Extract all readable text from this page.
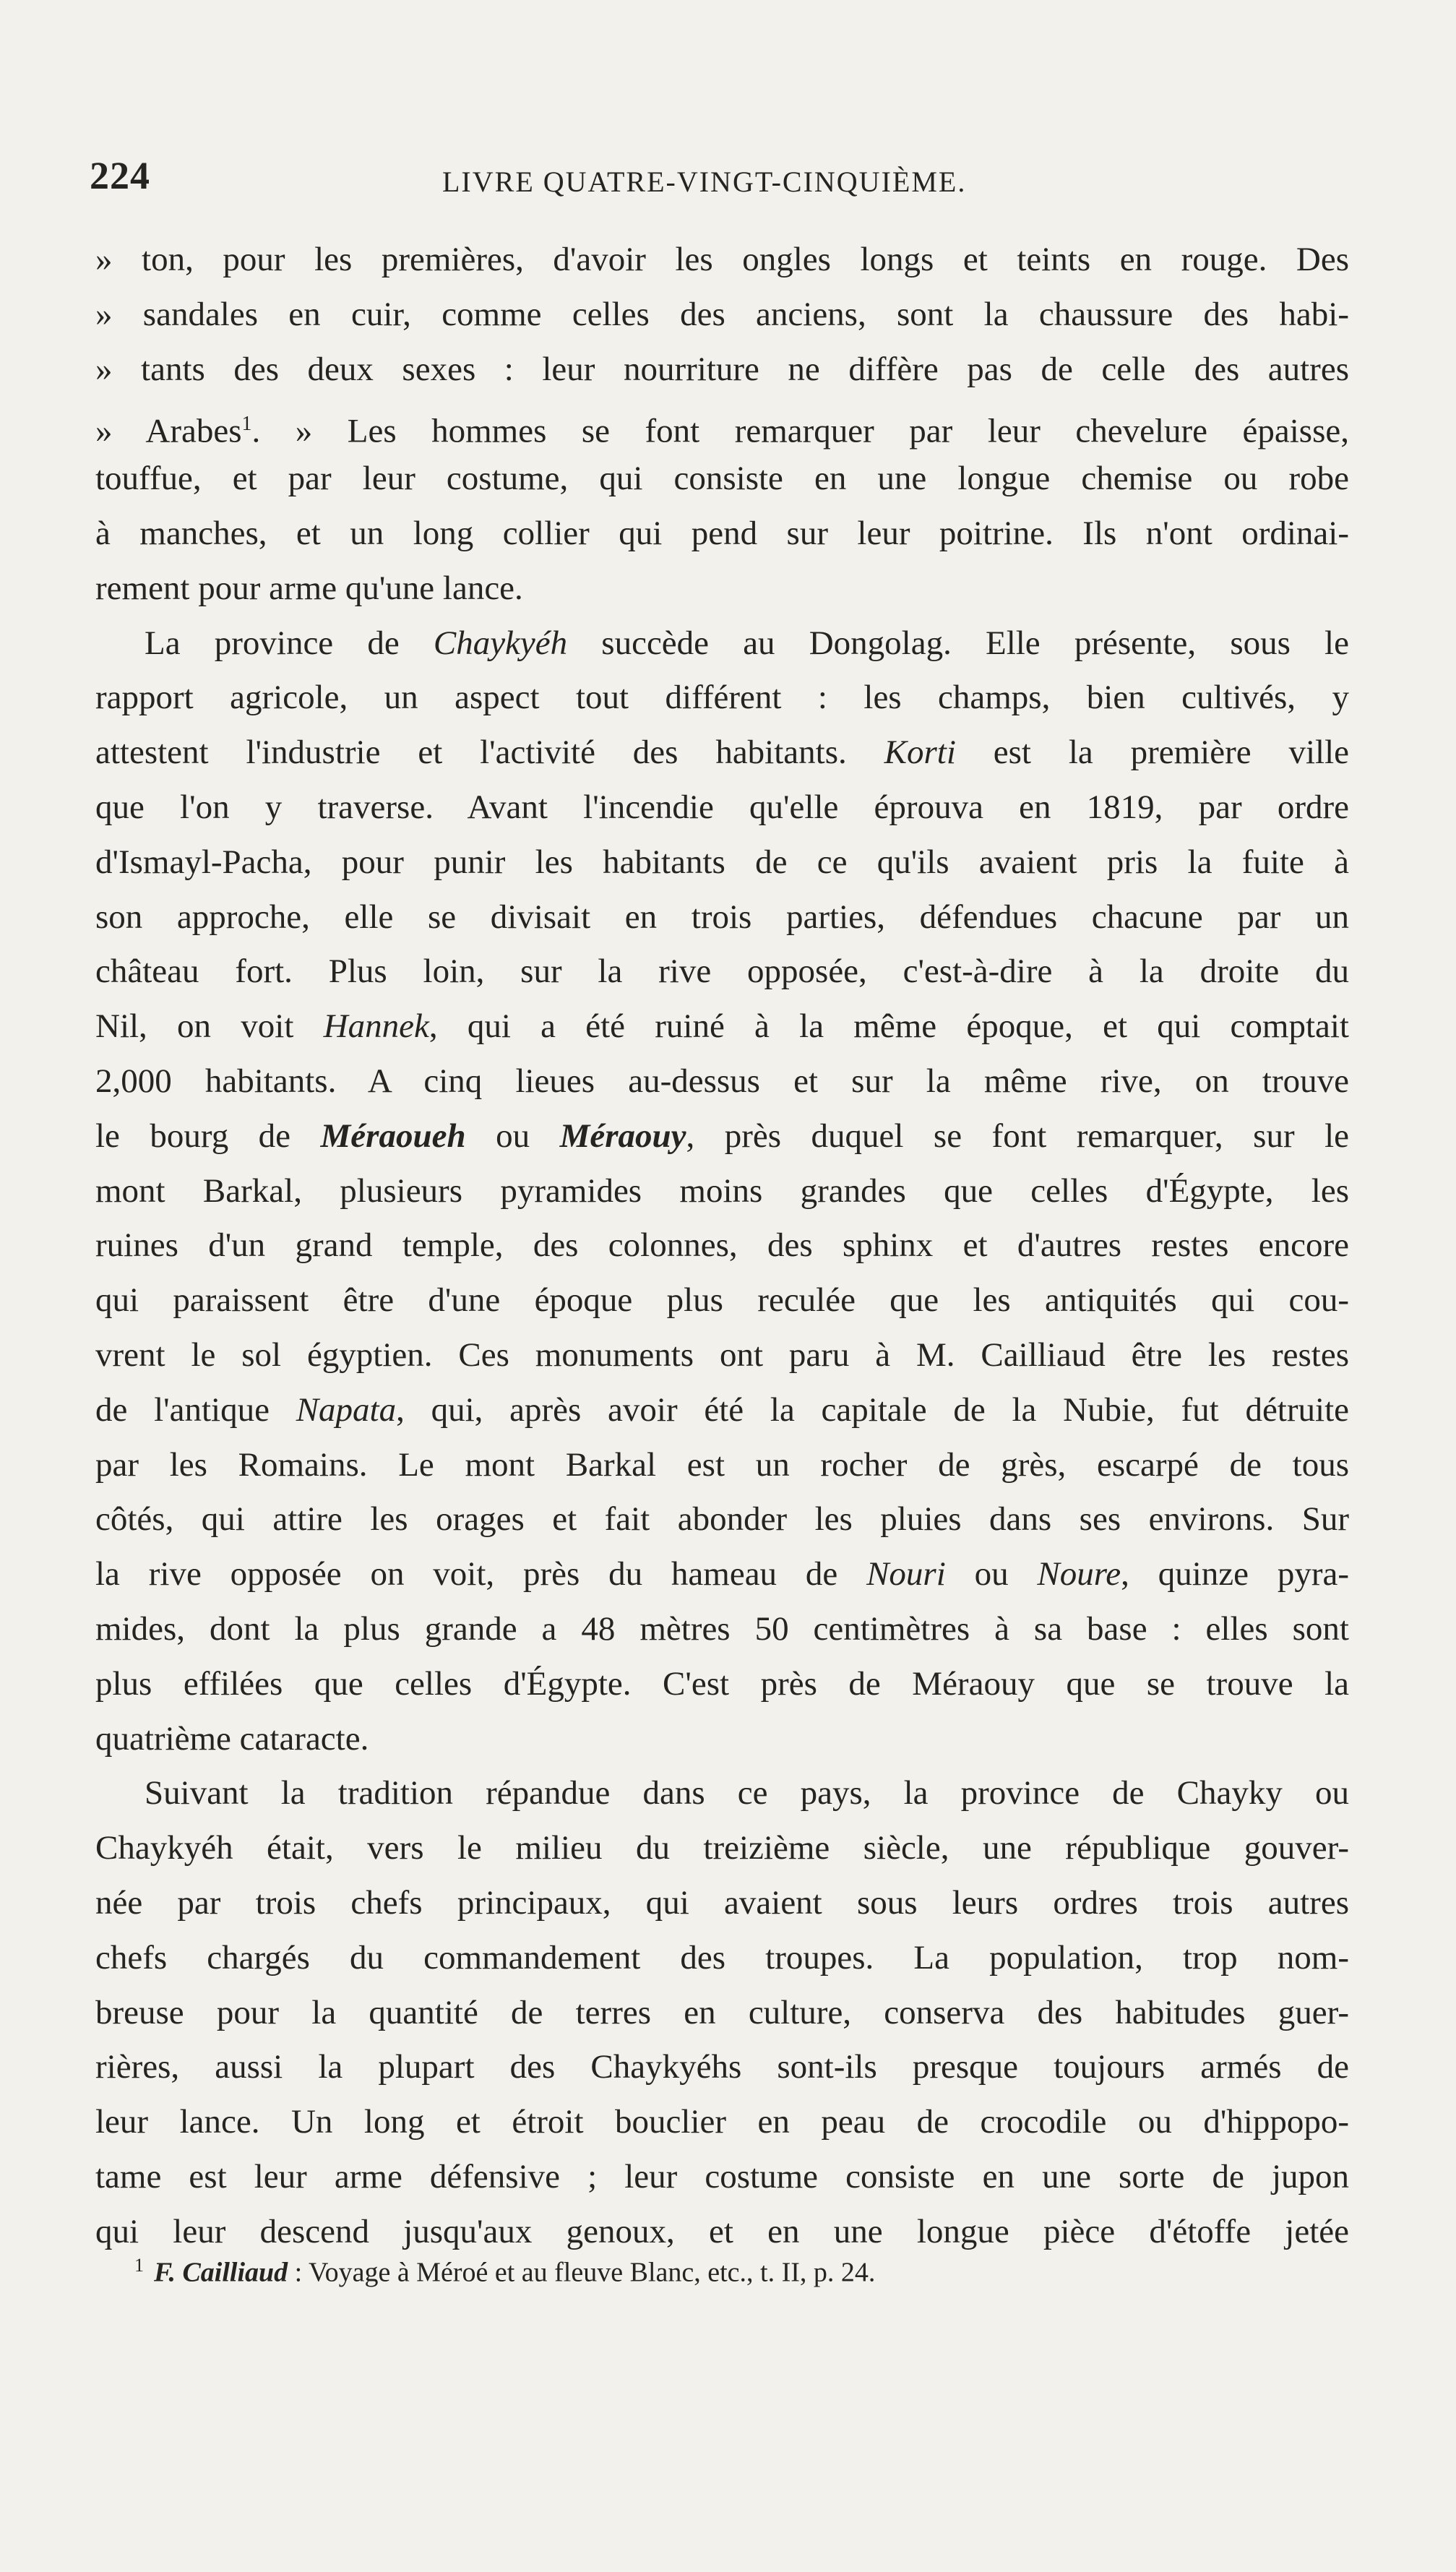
224	LIVRE QUATRE-VINGT-CINQUIÈME.
» ton, pour les premières, d'avoir les ongles longs et teints en rouge. Des
» sandales en cuir, comme celles des anciens, sont la chaussure des habi-
» tants des deux sexes : leur nourriture ne diffère pas de celle des autres
» Arabes$^1$. » Les hommes se font remarquer par leur chevelure épaisse,
touffue, et par leur costume, qui consiste en une longue chemise ou robe
à manches, et un long collier qui pend sur leur poitrine. Ils n'ont ordinai-
rement pour arme qu'une lance.
La province de Chaykyéh succède au Dongolag. Elle présente, sous le
rapport agricole, un aspect tout différent : les champs, bien cultivés, y
attestent l'industrie et l'activité des habitants. Korti est la première ville
que l'on y traverse. Avant l'incendie qu'elle éprouva en 1819, par ordre
d'Ismayl-Pacha, pour punir les habitants de ce qu'ils avaient pris la fuite à
son approche, elle se divisait en trois parties, défendues chacune par un
château fort. Plus loin, sur la rive opposée, c'est-à-dire à la droite du
Nil, on voit Hannek, qui a été ruiné à la même époque, et qui comptait
2,000 habitants. A cinq lieues au-dessus et sur la même rive, on trouve
le bourg de Méraoueh ou Méraouy, près duquel se font remarquer, sur le
mont Barkal, plusieurs pyramides moins grandes que celles d'Égypte, les
ruines d'un grand temple, des colonnes, des sphinx et d'autres restes encore
qui paraissent être d'une époque plus reculée que les antiquités qui cou-
vrent le sol égyptien. Ces monuments ont paru à M. Cailliaud être les restes
de l'antique Napata, qui, après avoir été la capitale de la Nubie, fut détruite
par les Romains. Le mont Barkal est un rocher de grès, escarpé de tous
côtés, qui attire les orages et fait abonder les pluies dans ses environs. Sur
la rive opposée on voit, près du hameau de Nouri ou Noure, quinze pyra-
mides, dont la plus grande a 48 mètres 50 centimètres à sa base : elles sont
plus effilées que celles d'Égypte. C'est près de Méraouy que se trouve la
quatrième cataracte.
Suivant la tradition répandue dans ce pays, la province de Chayky ou
Chaykyéh était, vers le milieu du treizième siècle, une république gouver-
née par trois chefs principaux, qui avaient sous leurs ordres trois autres
chefs chargés du commandement des troupes. La population, trop nom-
breuse pour la quantité de terres en culture, conserva des habitudes guer-
rières, aussi la plupart des Chaykyéhs sont-ils presque toujours armés de
leur lance. Un long et étroit bouclier en peau de crocodile ou d'hippopo-
tame est leur arme défensive ; leur costume consiste en une sorte de jupon
qui leur descend jusqu'aux genoux, et en une longue pièce d'étoffe jetée
$^1$ F. Cailliaud : Voyage à Méroé et au fleuve Blanc, etc., t. II, p. 24.
